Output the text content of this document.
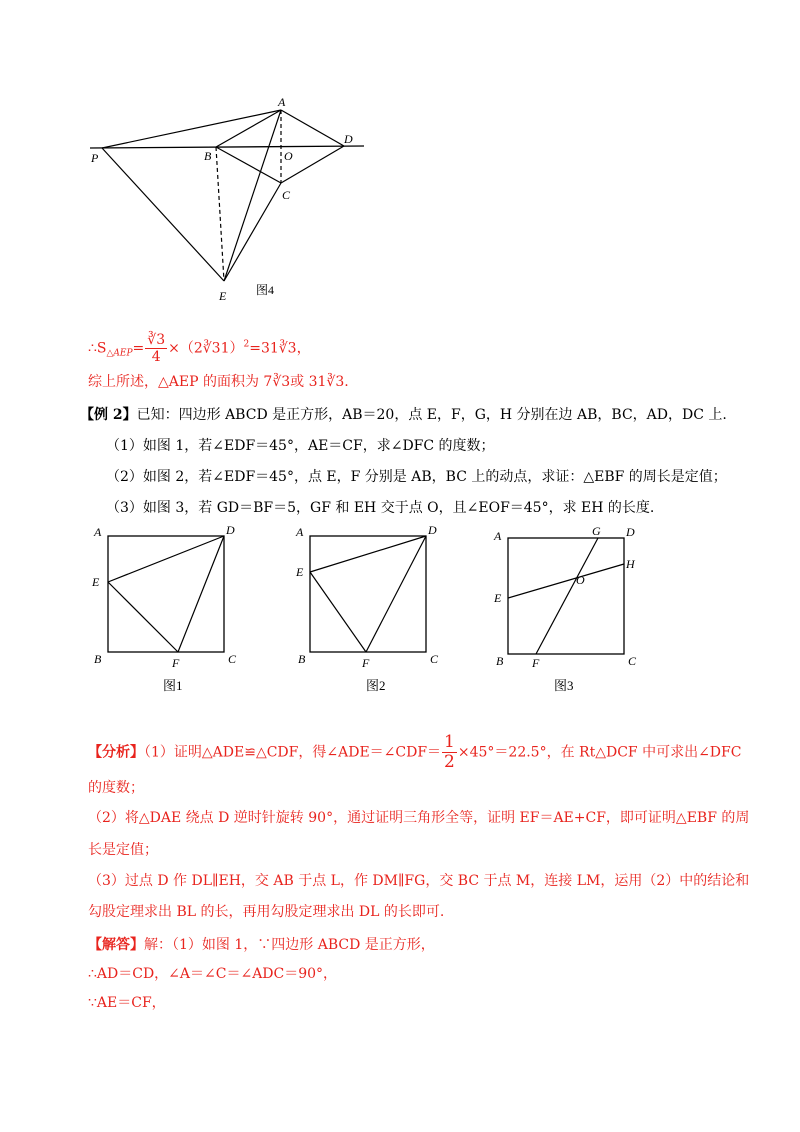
A
B	O
D
P
C
E 图4
$\therefore S_{\triangle AEP}= \frac{∛3}{4}$ ×（2∛31）$^2$=31∛3，
综上所述，△AEP 的面积为 7∛3或 31∛3.
【例 2】已知：四边形 ABCD 是正方形，AB＝20，点 E，F，G，H 分别在边 AB，BC，AD，DC 上.
（1）如图 1，若∠EDF＝45°，AE＝CF，求∠DFC 的度数；
（2）如图 2，若∠EDF＝45°，点 E，F 分别是 AB，BC 上的动点，求证：△EBF 的周长是定值；
（3）如图 3，若 GD＝BF＝5，GF 和 EH 交于点 O，且∠EOF＝45°，求 EH 的长度.
A	D
E
B	F	C
图1
A	D
E
B	F	C
图2
A	G D
H
O
E
B F	C
图3
【分析】（1）证明△ADE≌△CDF，得∠ADE＝∠CDF＝ $\frac{1}{2} \times 45^\circ=22.5^\circ$，在 Rt△DCF 中可求出∠DFC
的度数；
（2）将△DAE 绕点 D 逆时针旋转 90°，通过证明三角形全等，证明 EF＝AE+CF，即可证明△EBF 的周
长是定值；
（3）过点 D 作 DL∥EH，交 AB 于点 L，作 DM∥FG，交 BC 于点 M，连接 LM，运用（2）中的结论和
勾股定理求出 BL 的长，再用勾股定理求出 DL 的长即可.
【解答】解：（1）如图 1，∵四边形 ABCD 是正方形，
∴AD＝CD，∠A＝∠C＝∠ADC＝90°，
∵AE＝CF，
